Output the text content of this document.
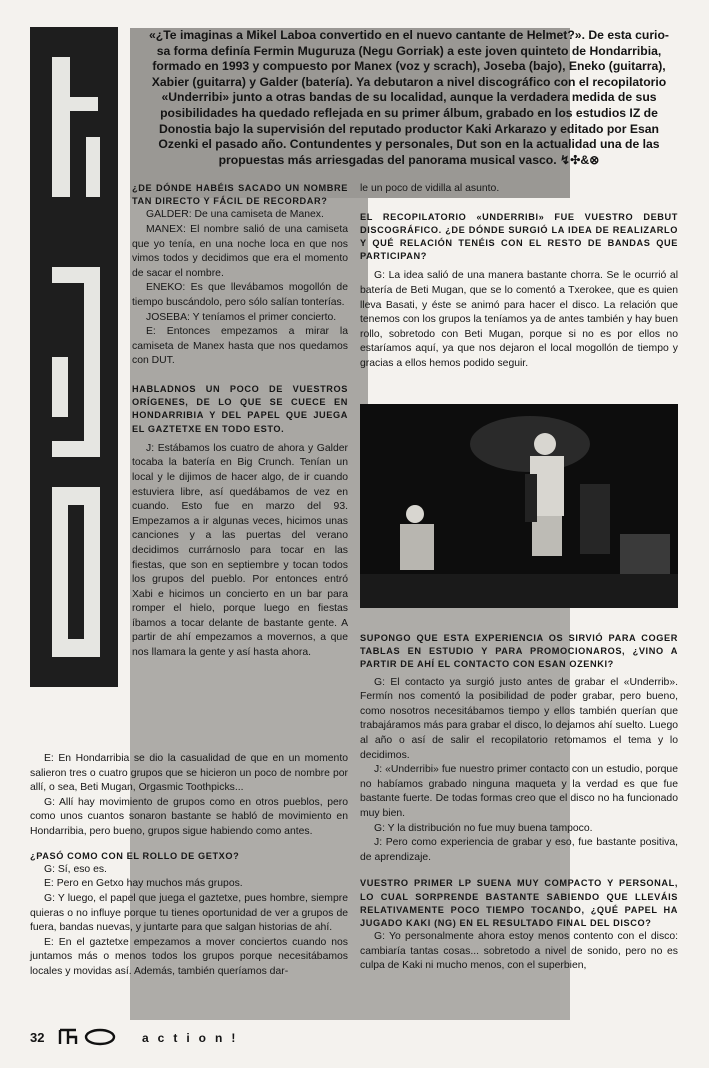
«¿Te imaginas a Mikel Laboa convertido en el nuevo cantante de Helmet?». De esta curio-
sa forma definía Fermin Muguruza (Negu Gorriak) a este joven quinteto de Hondarribia,
formado en 1993 y compuesto por Manex (voz y scrach), Joseba (bajo), Eneko (guitarra),
Xabier (guitarra) y Galder (batería). Ya debutaron a nivel discográfico con el recopilatorio
«Underribi» junto a otras bandas de su localidad, aunque la verdadera medida de sus
posibilidades ha quedado reflejada en su primer álbum, grabado en los estudios IZ de
Donostia bajo la supervisión del reputado productor Kaki Arkarazo y editado por Esan
Ozenki el pasado año. Contundentes y personales, Dut son en la actualidad una de las
propuestas más arriesgadas del panorama musical vasco. ↯✣&⊗
¿DE DÓNDE HABÉIS SACADO UN NOMBRE TAN DIRECTO Y FÁCIL DE RECORDAR?

GALDER: De una camiseta de Manex.

MANEX: El nombre salió de una camiseta que yo tenía, en una noche loca en que nos vimos todos y decidimos que era el momento de sacar el nombre.

ENEKO: Es que llevábamos mogollón de tiempo buscándolo, pero sólo salían tonterías.

JOSEBA: Y teníamos el primer concierto.

E: Entonces empezamos a mirar la camiseta de Manex hasta que nos quedamos con DUT.

HABLADNOS UN POCO DE VUESTROS ORÍGENES, DE LO QUE SE CUECE EN HONDARRIBIA Y DEL PAPEL QUE JUEGA EL GAZTETXE EN TODO ESTO.

J: Estábamos los cuatro de ahora y Galder tocaba la batería en Big Crunch. Tenían un local y le dijimos de hacer algo, de ir cuando estuviera libre, así quedábamos de vez en cuando. Esto fue en marzo del 93. Empezamos a ir algunas veces, hicimos unas canciones y a las puertas del verano decidimos currárnoslo para tocar en las fiestas, que son en septiembre y tocan todos los grupos del pueblo. Por entonces entró Xabi e hicimos un concierto en un bar para romper el hielo, porque luego en fiestas íbamos a tocar delante de bastante gente. A partir de ahí empezamos a movernos, a que nos llamara la gente y así hasta ahora.

E: En Hondarribia se dio la casualidad de que en un momento salieron tres o cuatro grupos que se hicieron un poco de nombre por allí, o sea, Beti Mugan, Orgasmic Toothpicks...

G: Allí hay movimiento de grupos como en otros pueblos, pero como unos cuantos sonaron bastante se habló de movimiento en Hondarribia, pero bueno, grupos sigue habiendo como antes.

¿PASÓ COMO CON EL ROLLO DE GETXO?

G: Sí, eso es.

E: Pero en Getxo hay muchos más grupos.

G: Y luego, el papel que juega el gaztetxe, pues hombre, siempre quieras o no influye porque tu tienes oportunidad de ver a grupos de fuera, bandas nuevas, y juntarte para que salgan historias de ahí.

E: En el gaztetxe empezamos a mover conciertos cuando nos juntamos más o menos todos los grupos porque necesitábamos locales y movidas así. Además, también queríamos dar-

le un poco de vidilla al asunto.

EL RECOPILATORIO «UNDERRIBI» FUE VUESTRO DEBUT DISCOGRÁFICO. ¿DE DÓNDE SURGIÓ LA IDEA DE REALIZARLO Y QUÉ RELACIÓN TENÉIS CON EL RESTO DE BANDAS QUE PARTICIPAN?

G: La idea salió de una manera bastante chorra. Se le ocurrió al batería de Beti Mugan, que se lo comentó a Txerokee, que es quien lleva Basati, y éste se animó para hacer el disco. La relación que tenemos con los grupos la teníamos ya de antes también y hay buen rollo, sobretodo con Beti Mugan, porque si no es por ellos no estaríamos aquí, ya que nos dejaron el local mogollón de tiempo y gracias a ellos hemos podido seguir.

SUPONGO QUE ESTA EXPERIENCIA OS SIRVIÓ PARA COGER TABLAS EN ESTUDIO Y PARA PROMOCIONAROS, ¿VINO A PARTIR DE AHÍ EL CONTACTO CON ESAN OZENKI?

G: El contacto ya surgió justo antes de grabar el «Underrib». Fermín nos comentó la posibilidad de poder grabar, pero bueno, como nosotros necesitábamos tiempo y ellos también querían que trabajáramos más para grabar el disco, lo dejamos ahí suelto. Luego al año o así de salir el recopilatorio retomamos el tema y lo decidimos.

J: «Underribi» fue nuestro primer contacto con un estudio, porque no habíamos grabado ninguna maqueta y la verdad es que fue bastante fuerte. De todas formas creo que el disco no ha funcionado muy bien.

G: Y la distribución no fue muy buena tampoco.

J: Pero como experiencia de grabar y eso, fue bastante positiva, de aprendizaje.

VUESTRO PRIMER LP SUENA MUY COMPACTO Y PERSONAL, LO CUAL SORPRENDE BASTANTE SABIENDO QUE LLEVÁIS RELATIVAMENTE POCO TIEMPO TOCANDO, ¿QUÉ PAPEL HA JUGADO KAKI (NG) EN EL RESULTADO FINAL DEL DISCO?

G: Yo personalmente ahora estoy menos contento con el disco: cambiaría tantas cosas... sobretodo a nivel de sonido, pero no es culpa de Kaki ni mucho menos, con el superbien,

32	action!
